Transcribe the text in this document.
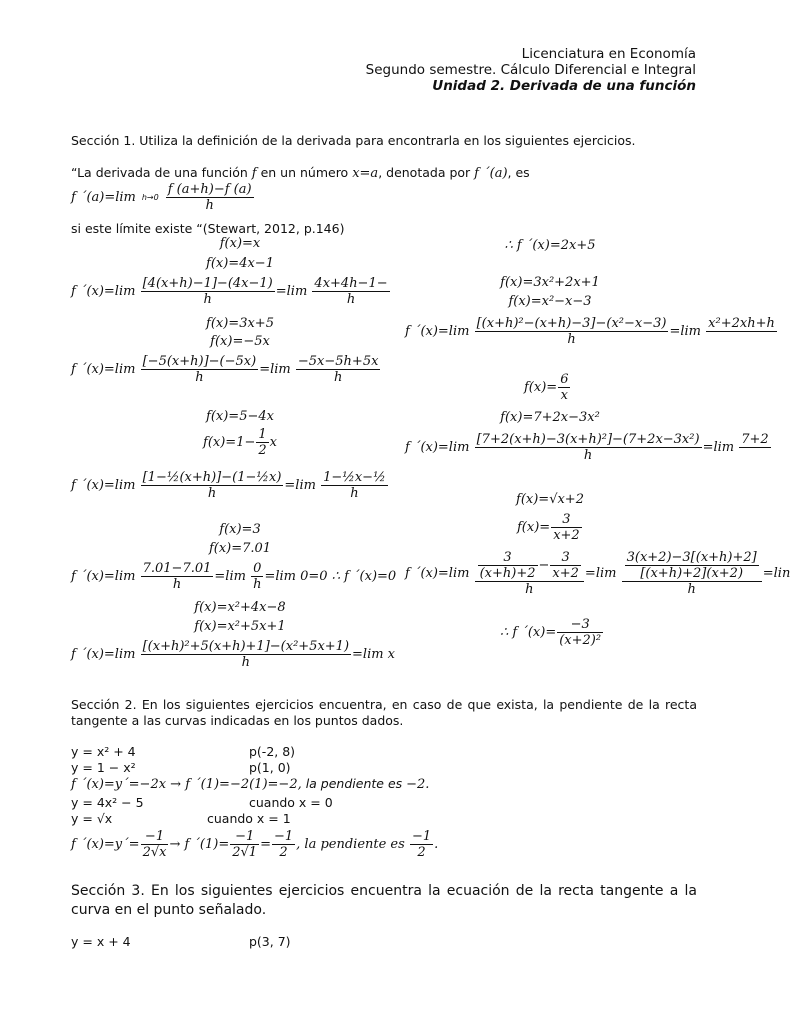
Licenciatura en Economía
Segundo semestre. Cálculo Diferencial e Integral
Unidad 2. Derivada de una función
Sección 1. Utiliza la definición de la derivada para encontrarla en los siguientes ejercicios.
“La derivada de una función f en un número x=a, denotada por f ´(a), es
f ´(a)=lim h→0
$\frac{f (a+h)-f (a)}{h}$
si este límite existe “(Stewart, 2012, p.146)
f(x)=x
f(x)=4x−1
f ´(x)=lim $\frac{[4(x+h)-1]-(4x-1)}{h} =\lim \frac{4x+4h-1-}{h}$
f(x)=3x+5
f(x)=−5x
f ´(x)=lim $\frac{[-5(x+h)]-(-5x)}{h} =\lim \frac{-5x-5h+5x}{h}$
f(x)=5−4x
$f(x)=1- \frac{1}{2}$ x
f ´(x)=lim $\frac{\text{[1−½(x+h)]−(1−½x)}}{h} =\lim \frac{\text{1−½x−½}}{h}$
f(x)=3
f(x)=7.01
f ´(x)=lim $\frac{7.01-7.01}{h} =\lim \frac{0}{h} =\lim$ 0=0 ∴ f ´(x)=0
f(x)=x²+4x−8
f(x)=x²+5x+1
f ´(x)=lim $\frac{\text{[(x+h)²+5(x+h)+1]−(x²+5x+1)}}{h} =\lim$ x
∴ f ´(x)=2x+5
f(x)=3x²+2x+1
f(x)=x²−x−3
f ´(x)=lim $\frac{\text{[(x+h)²−(x+h)−3]−(x²−x−3)}}{h} =\lim$
x²+2xh+h

$f(x)= \frac{6}{x}$
f(x)=7+2x−3x²
f ´(x)=lim $\frac{\text{[7+2(x+h)−3(x+h)²]−(7+2x−3x²)}}{h} =\lim$
7+2

f(x)=√x+2
$f(x)= \frac{3}{x+2}$
f ´(x)=lim $\frac{\frac{3}{(x+h)+2} - \frac{3}{x+2}}{h} =\lim \frac{\frac{3(x+2)-3[(x+h)+2]}{[(x+h)+2](x+2)}}{h} =lin$
∴ f ´(x)= $\frac{-3}{\text{(x+2)²}}$
Sección 2. En los siguientes ejercicios encuentra, en caso de que exista, la pendiente de la recta tangente a las curvas indicadas en los puntos dados.
y = x² + 4	p(-2, 8)
y = 1 − x²	p(1, 0)
f ´(x)=y´=−2x → f ´(1)=−2(1)=−2, la pendiente es −2.
y = 4x² − 5	cuando x = 0
y = √x	cuando x = 1
f ´(x)=y´= $\frac{-1}{2√x} \to f$ ´(1)= $\frac{-1}{2√1} = \frac{-1}{2}$ , la pendiente es $\frac{-1}{2}$ .
Sección 3. En los siguientes ejercicios encuentra la ecuación de la recta tangente a la curva en el punto señalado.
y = x + 4	p(3, 7)
